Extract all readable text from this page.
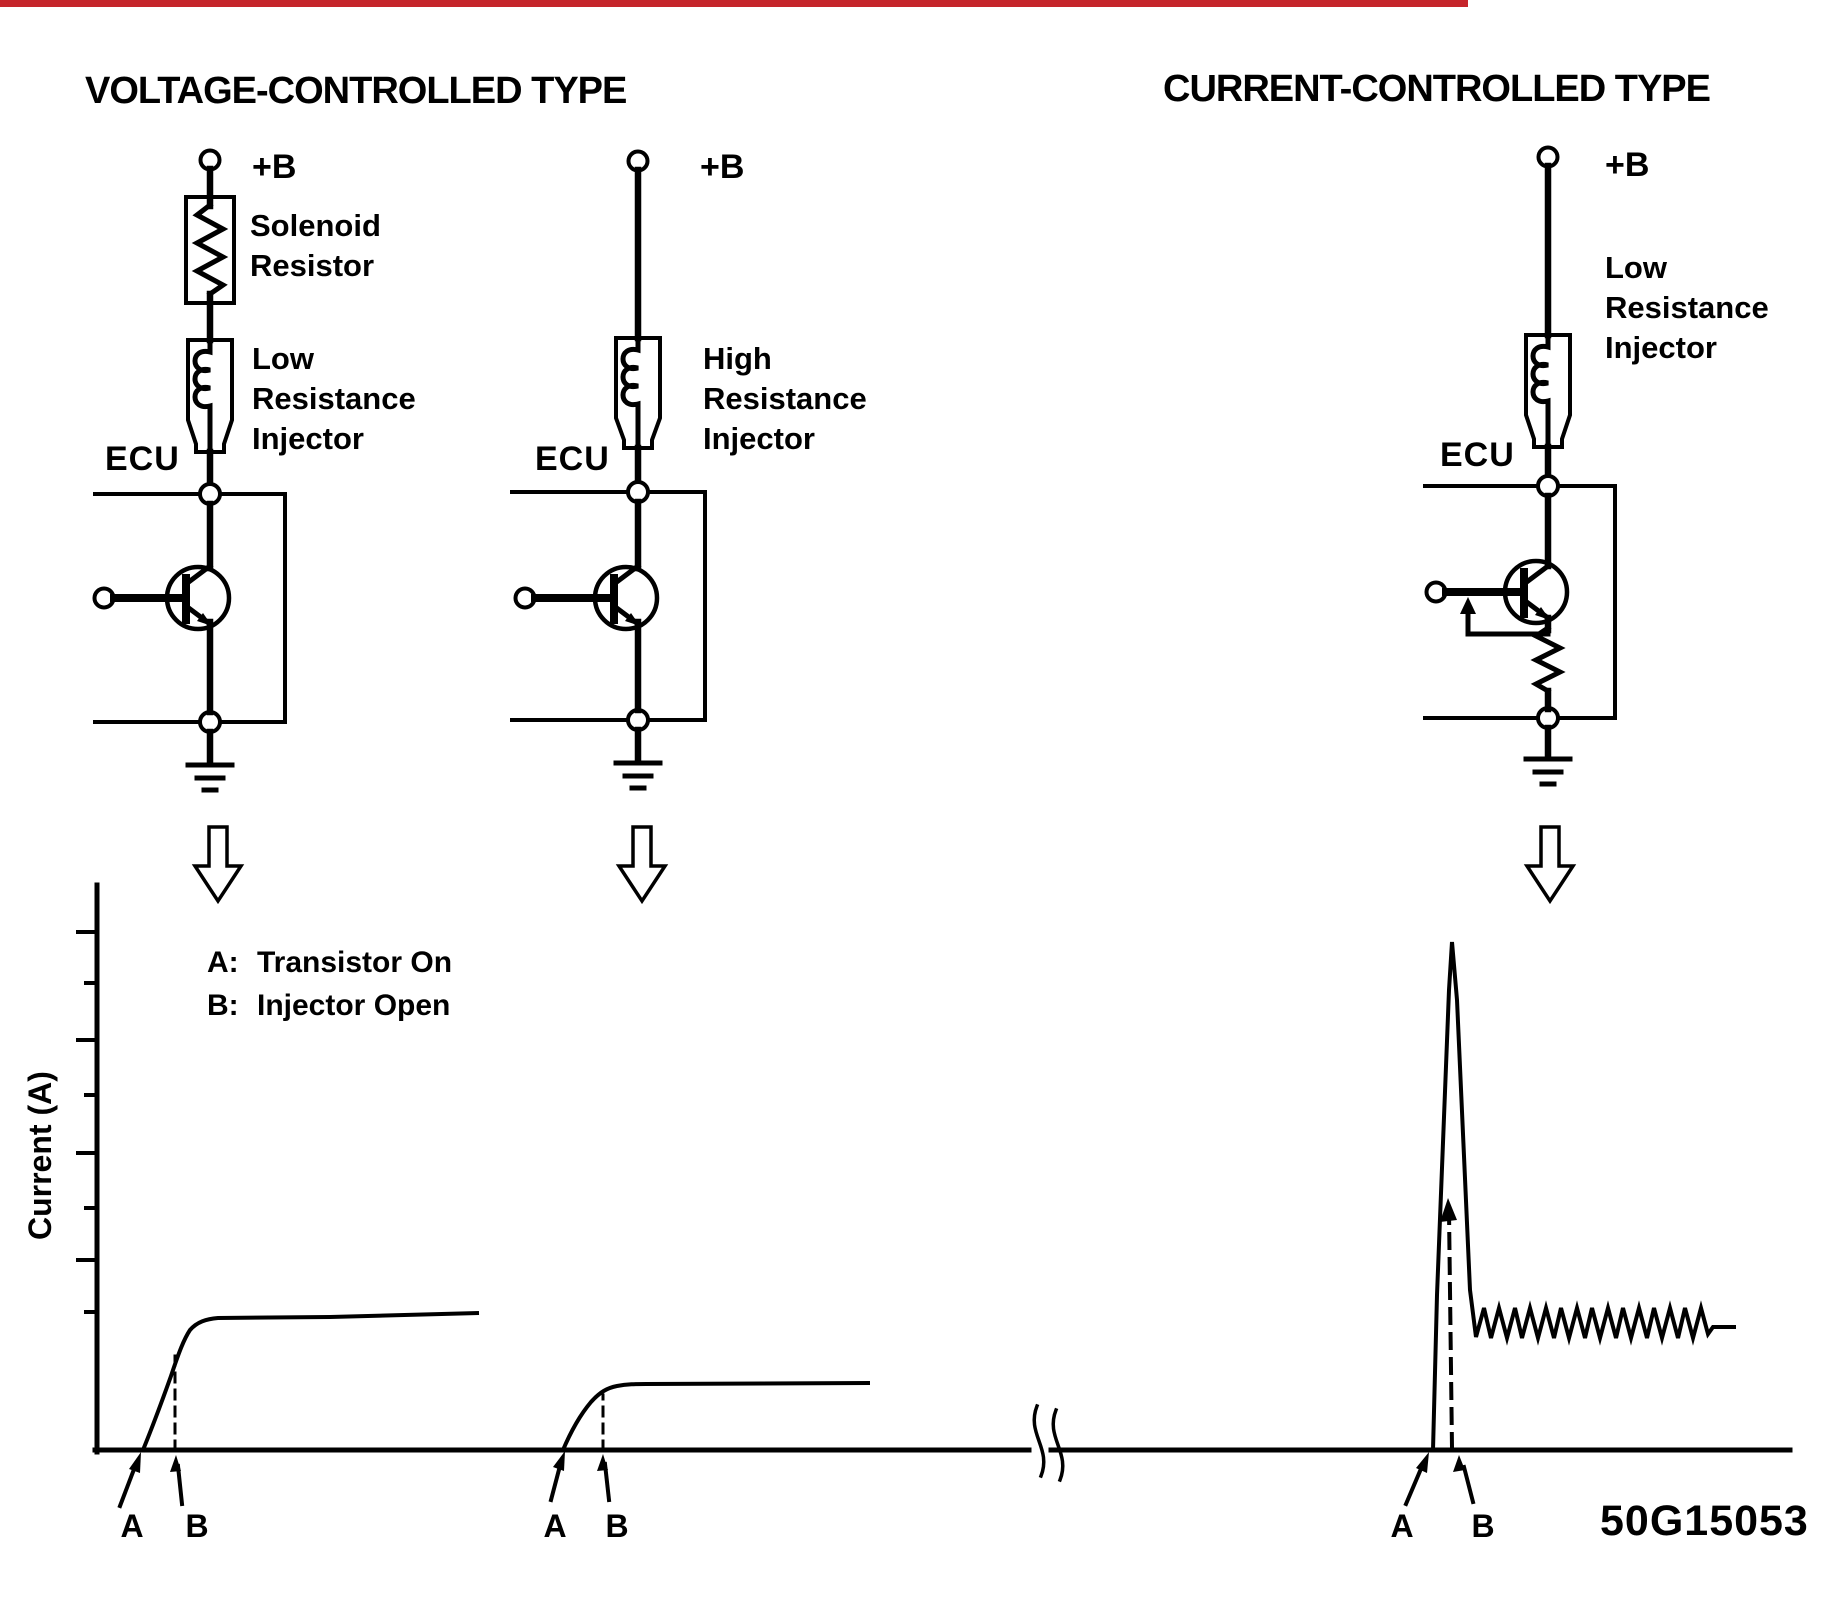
VOLTAGE-CONTROLLED TYPE	CURRENT-CONTROLLED TYPE
+B	+B	+B
Solenoid
Resistor
Low
Resistance
Injector
High
Resistance
Injector
Low
Resistance
Injector
ECU	ECU	ECU
A: Transistor On
B: Injector Open
Current (A)
A	B	A	B	A	B 50G15053
